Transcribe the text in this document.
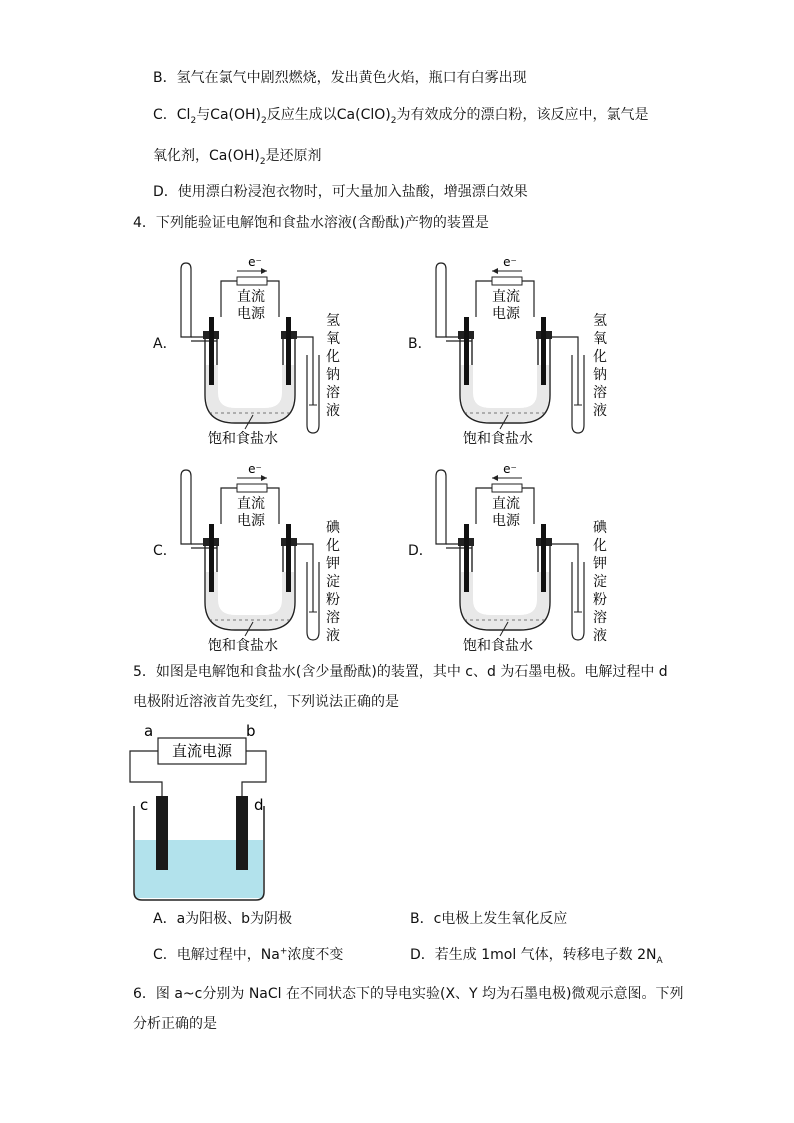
B．氢气在氯气中剧烈燃烧，发出黄色火焰，瓶口有白雾出现
C．$Cl_2$与$Ca(OH)_2$反应生成以$Ca(ClO)_2$为有效成分的漂白粉，该反应中，氯气是
氧化剂，$Ca(OH)_2$是还原剂
D．使用漂白粉浸泡衣物时，可大量加入盐酸，增强漂白效果
4．下列能验证电解饱和食盐水溶液(含酚酞)产物的装置是
A．
e⁻
直流
电源
饱和食盐水
氢
氧
化
钠
溶
液
B．
e⁻
直流
电源
饱和食盐水
氢
氧
化
钠
溶
液
C．
e⁻
直流
电源
饱和食盐水
碘
化
钾
淀
粉
溶
液
D．
e⁻
直流
电源
饱和食盐水
碘
化
钾
淀
粉
溶
液
5．如图是电解饱和食盐水(含少量酚酞)的装置，其中 c、d 为石墨电极。电解过程中 d
电极附近溶液首先变红，下列说法正确的是
a	b
直流电源
c	d
A．a为阳极、b为阴极	B．c电极上发生氧化反应
C．电解过程中，Na+浓度不变	D．若生成 1mol 气体，转移电子数 $2N_A$
6．图 a~c分别为 NaCl 在不同状态下的导电实验(X、Y 均为石墨电极)微观示意图。下列
分析正确的是
